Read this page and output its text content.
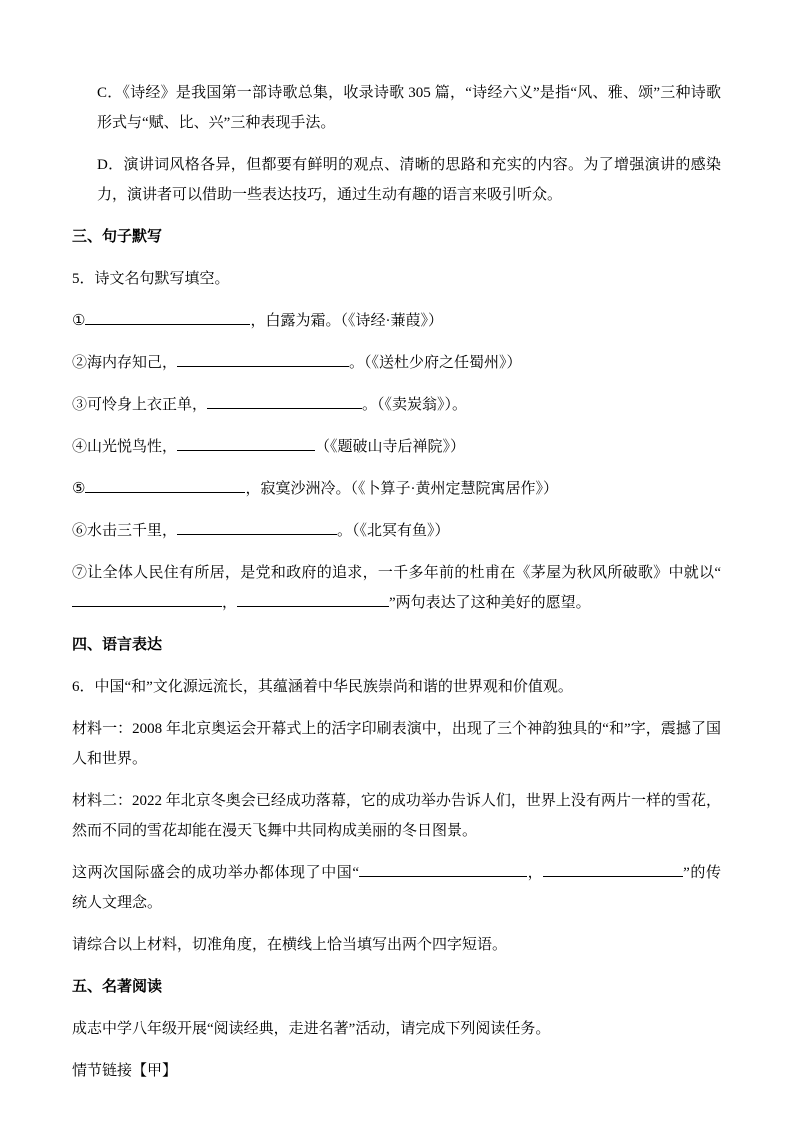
C．《诗经》是我国第一部诗歌总集，收录诗歌 305 篇，“诗经六义”是指“风、雅、颂”三种诗歌形式与“赋、比、兴”三种表现手法。
D．演讲词风格各异，但都要有鲜明的观点、清晰的思路和充实的内容。为了增强演讲的感染力，演讲者可以借助一些表达技巧，通过生动有趣的语言来吸引听众。
三、句子默写
5．诗文名句默写填空。
①	，白露为霜。（《诗经·蒹葭》）
②海内存知己，	。（《送杜少府之任蜀州》）
③可怜身上衣正单，	。（《卖炭翁》）。
④山光悦鸟性，	（《题破山寺后禅院》）
⑤	，寂寞沙洲冷。（《卜算子·黄州定慧院寓居作》）
⑥水击三千里，	。（《北冥有鱼》）
⑦让全体人民住有所居，是党和政府的追求，一千多年前的杜甫在《茅屋为秋风所破歌》中就以“，	”两句表达了这种美好的愿望。
四、语言表达
6．中国“和”文化源远流长，其蕴涵着中华民族崇尚和谐的世界观和价值观。
材料一：2008 年北京奥运会开幕式上的活字印刷表演中，出现了三个神韵独具的“和”字，震撼了国人和世界。
材料二：2022 年北京冬奥会已经成功落幕，它的成功举办告诉人们，世界上没有两片一样的雪花，然而不同的雪花却能在漫天飞舞中共同构成美丽的冬日图景。
这两次国际盛会的成功举办都体现了中国“	，	”的传统人文理念。
请综合以上材料，切准角度，在横线上恰当填写出两个四字短语。
五、名著阅读
成志中学八年级开展“阅读经典，走进名著”活动，请完成下列阅读任务。
情节链接【甲】
